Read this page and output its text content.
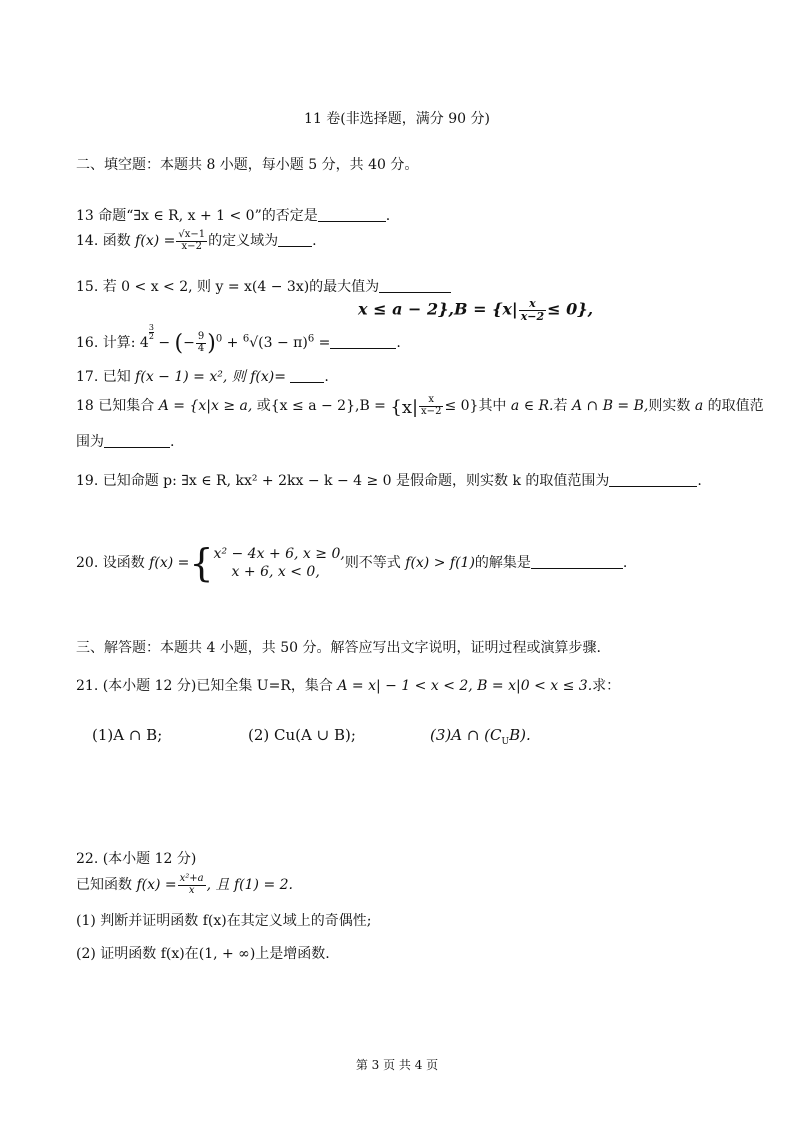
11 卷(非选择题，满分 90 分)
二、填空题：本题共 8 小题，每小题 5 分，共 40 分。
13 命题“∃x ∈ R, x + 1 < 0”的否定是	.
14. 函数 $f(x) = \frac{√x-1}{x-2}$ 的定义域为 .
15. 若 0 < x < 2, 则 y = x(4 − 3x)的最大值为
$x \le a - 2\},B = \{x| \frac{x}{x-2} \le 0\}$,
16. 计算: 4
$\frac{3}{2}$
− (− $\frac{9}{4} )^0 + ^6√(3 - \pi)^6$ =	.
17. 已知 f(x − 1) = x², 则 f(x)=	.
18 已知集合 A = {x|x ≥ a, 或$\{x \le a - 2\},B = \{x| \frac{x}{x-2} \le 0\}$其中 a ∈ R.若 A ∩ B = B,则实数 a 的取值范
围为	.
19. 已知命题 p: ∃x ∈ R, kx² + 2kx − k − 4 ≥ 0 是假命题，则实数 k 的取值范围为	.
20. 设函数 f(x) ={ x² − 4x + 6, x ≥ 0,
x + 6, x < 0,
则不等式 f(x) > f(1)的解集是	.
三、解答题：本题共 4 小题，共 50 分。解答应写出文字说明，证明过程或演算步骤.
21. (本小题 12 分)已知全集 U=R，集合 A = x| − 1 < x < 2, B = x|0 < x ≤ 3.求：
(1)A ∩ B;	(2) Cu(A ∪ B);	(3)A ∩ $(C_UB)$.
22. (本小题 12 分)
已知函数 $f(x) = \frac{\text{x²+a}}{x}$ , 且 f(1) = 2.
(1) 判断并证明函数 f(x)在其定义域上的奇偶性;
(2) 证明函数 f(x)在(1, + ∞)上是增函数.
第 3 页 共 4 页
